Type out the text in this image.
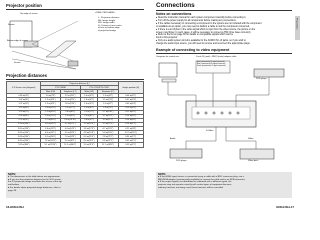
Projector position
Top edge of screen
Screen
Bottom edge of screen
Screen
<DIMS. PER DIAGR>
L : Projection distance
SH: Image height
SW: Image width
H : Distance from center
of lens to bottom edge
of projected image
Projection distances
4:3 Screen size (diagonal)	Projection distance (L)				Height position (H)
	PT-LC56NU		PT-LC76U/PT-LC56U		
	Wide (LW)	Telephoto (LT)	Wide (LW)	Telephoto (LT)	
0.84 m(33")	1.0 m(3'3")	1.2 m(3'11")	1.0 m(3'3")	1.3 m(4'3")	0.06 m(0'2")
1.02 m(40")	1.2 m(3'11")	1.5 m(4'11")	1.3 m(4'3")	1.5 m(4'11")	0.07 m(0'3")
1.27 m(50")	1.5 m(4'11")	1.8 m(5'10")	1.6 m(5'3")	1.9 m(6'2")	0.09 m(0'4")
1.52 m(60")	1.8 m(5'10")	2.2 m(7'2")	1.9 m(6'2")	2.3 m(7'6")	0.11 m(0'4")
1.78 m(70")	2.1 m(6'10")	2.6 m(8'6")	2.2 m(7'2")	2.7 m(8'10")	0.12 m(0'5")
2.03 m(80")	2.4 m(7'10")	2.9 m(9'6")	2.5 m(8'2")	3.1 m(10'2")	0.14 m(0'6")
2.29 m(90")	2.7 m(8'10")	3.3 m(10'10")	2.8 m(9'2")	3.5 m(11'5")	0.16 m(0'6")
2.54 m(100")	3.0 m(9'10")	3.7 m(12'1")	3.2 m(10'6")	3.9 m(12'9")	0.18 m(0'7")
3.05 m(120")	3.6 m(11'9")	4.4 m(14'5")	3.8 m(12'5")	4.7 m(15'5")	0.21 m(0'8")
3.81 m(150")	4.6 m(15'1")	5.5 m(18'0")	4.8 m(15'8")	5.8 m(19'0")	0.27 m(0'10")
5.08 m(200")	6.1 m(20'0")	7.4 m(24'3")	6.4 m(21'0")	7.8 m(25'7")	0.36 m(1'2")
6.35 m(250")	7.6 m(24'11")	9.2 m(30'2")	8.0 m(26'2")	9.8 m(32'1")	0.45 m(1'5")
7.62 m(300")	9.1 m(29'10")	11.1 m(36'4")	9.6 m(31'6")	11.7 m(38'4")	0.53 m(1'9")
NOTE:
● The dimensions in the table above are approximate.
● If you use the projection distance for the 16:9 screen,
the 4:3 projection image overflows the screen at the top
and bottom.
● For details about projected image distances, refer to
page 38.
16-ENGLISH
Connections
Preparation
Notes on connections
● Read the instruction manual for each system component carefully before connecting it.
● Turn off the power supply for all components before making any connections.
● If the cables necessary to connecting a component to the system are not included with the component
or available as an option, you may need to fashion a cable to suit the component concerned.
● If there is a lot of jitter in the video signal which is input from the video source, the picture on the
screen may flicker. In such cases, it will be necessary to connect a TBC (time base corrector).
● Refer to the list on page 38 for details on compatible signals which can be
input to this projector.
● Only one audio system circuit is available for the AUDIO IN L-R jacks, so if you wish to
change the audio input source, you will need to remove and reconnect the appropriate plugs.
Example of connecting to video equipment
Computer for control use	D-sub 15 (male) - BNC5 (male) adapter cable
Red (connected to Pr signal connector)
Blue (connected to Pb signal connector)
Green (connected to Y signal connector)
DVD player
S-Video
Audio	Video
DVD player	Video deck
NOTE:
● If the HDMI signal source is connected using a cable with a BNC connector plug, use a
BNC/RCA adapter (commercially available) to convert the cable end to an RCA connector.
● If the output signals are distributed or combined with a different signal, the
projector may not operate correctly with certain types of equipment because
ordinary functions are being used, these functions will be cancelled.
ENGLISH-17
